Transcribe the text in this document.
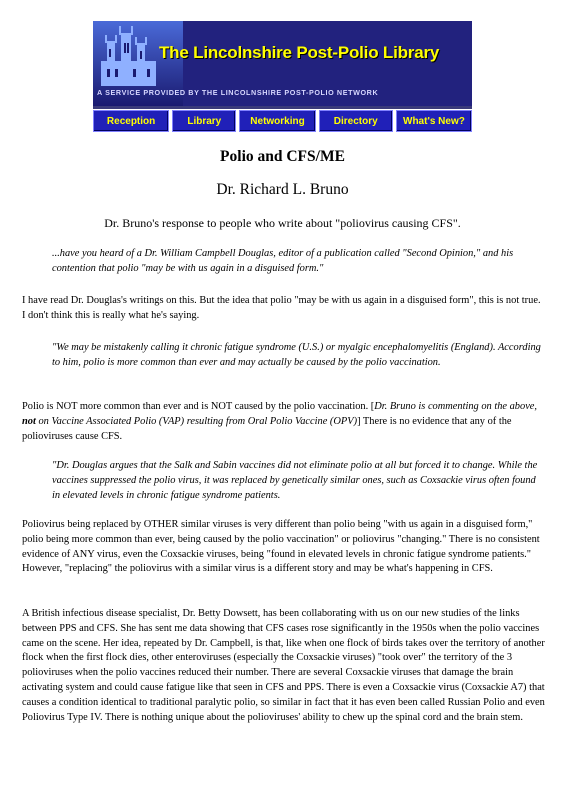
The Lincolnshire Post-Polio Library
A SERVICE PROVIDED BY THE LINCOLNSHIRE POST-POLIO NETWORK
Reception	Library	Networking	Directory	What's New?
Polio and CFS/ME
Dr. Richard L. Bruno

Dr. Bruno's response to people who write about "poliovirus causing CFS".

...have you heard of a Dr. William Campbell Douglas, editor of a publication called "Second Opinion," and his contention that polio "may be with us again in a disguised form."

I have read Dr. Douglas's writings on this. But the idea that polio "may be with us again in a disguised form", this is not true. I don't think this is really what he's saying.

"We may be mistakenly calling it chronic fatigue syndrome (U.S.) or myalgic encephalomyelitis (England). According to him, polio is more common than ever and may actually be caused by the polio vaccination.

Polio is NOT more common than ever and is NOT caused by the polio vaccination. [Dr. Bruno is commenting on the above, not on Vaccine Associated Polio (VAP) resulting from Oral Polio Vaccine (OPV)] There is no evidence that any of the polioviruses cause CFS.

"Dr. Douglas argues that the Salk and Sabin vaccines did not eliminate polio at all but forced it to change. While the vaccines suppressed the polio virus, it was replaced by genetically similar ones, such as Coxsackie virus often found in elevated levels in chronic fatigue syndrome patients.

Poliovirus being replaced by OTHER similar viruses is very different than polio being "with us again in a disguised form," polio being more common than ever, being caused by the polio vaccination" or poliovirus "changing." There is no consistent evidence of ANY virus, even the Coxsackie viruses, being "found in elevated levels in chronic fatigue syndrome patients." However, "replacing" the poliovirus with a similar virus is a different story and may be what's happening in CFS.

A British infectious disease specialist, Dr. Betty Dowsett, has been collaborating with us on our new studies of the links between PPS and CFS. She has sent me data showing that CFS cases rose significantly in the 1950s when the polio vaccines came on the scene. Her idea, repeated by Dr. Campbell, is that, like when one flock of birds takes over the territory of another flock when the first flock dies, other enteroviruses (especially the Coxsackie viruses) "took over" the territory of the 3 polioviruses when the polio vaccines reduced their number. There are several Coxsackie viruses that damage the brain activating system and could cause fatigue like that seen in CFS and PPS. There is even a Coxsackie virus (Coxsackie A7) that causes a condition identical to traditional paralytic polio, so similar in fact that it has even been called Russian Polio and even Poliovirus Type IV. There is nothing unique about the polioviruses' ability to chew up the spinal cord and the brain stem.
